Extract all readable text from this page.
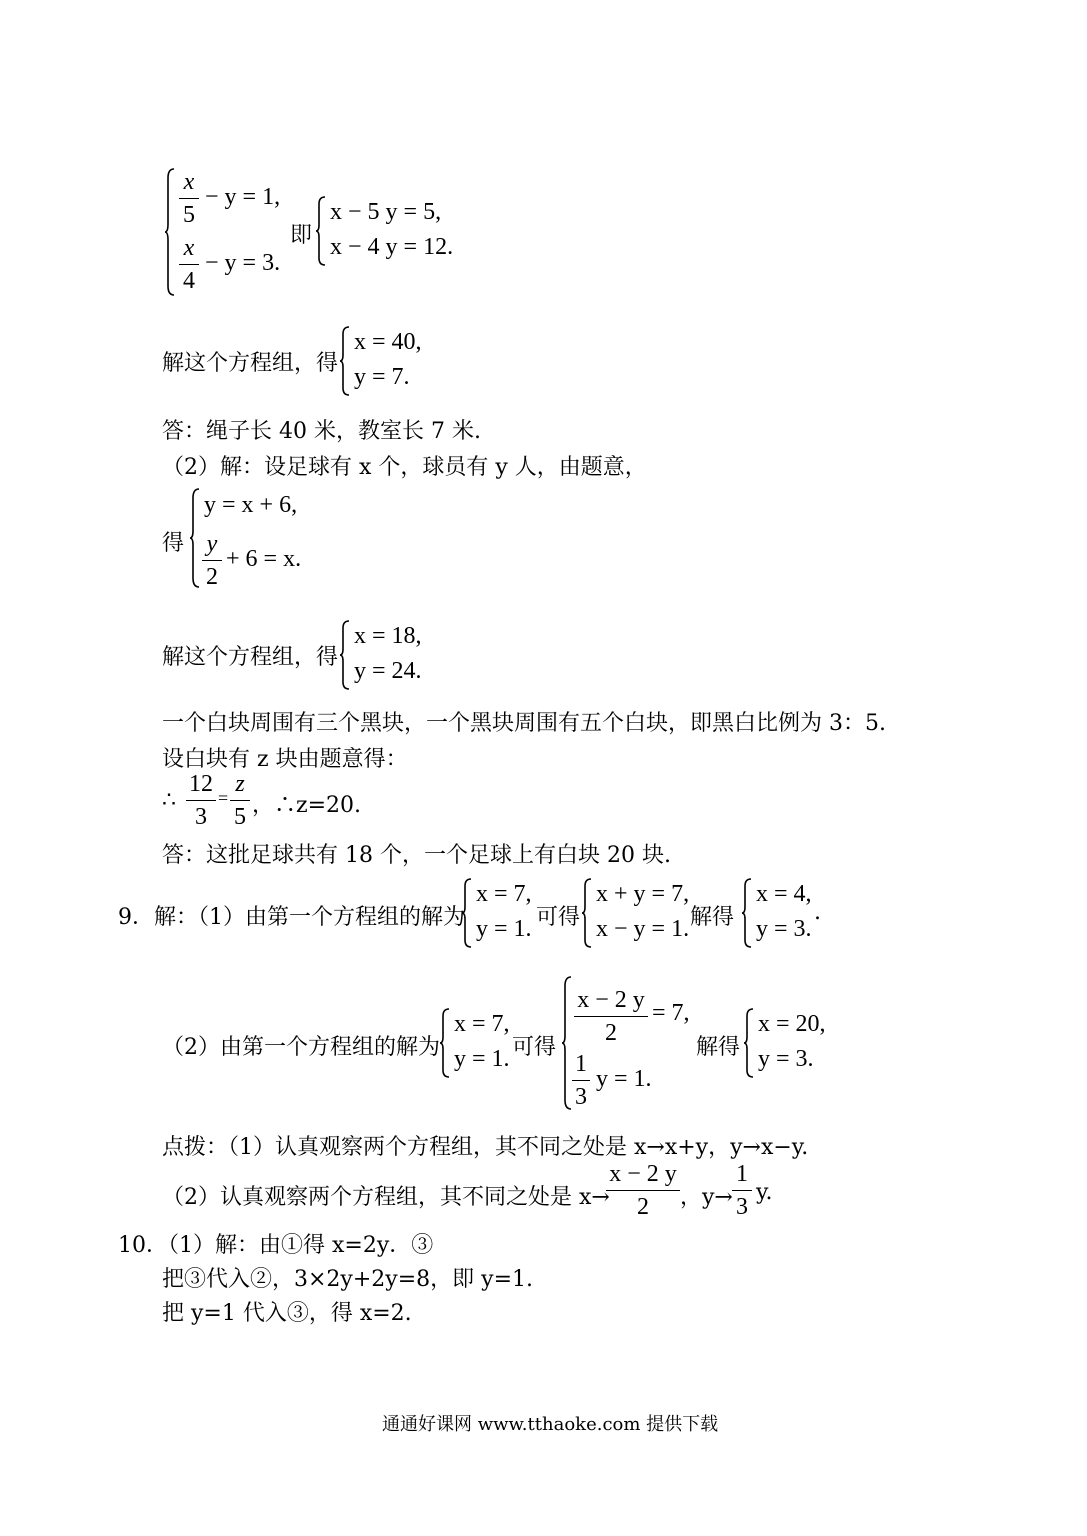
x
5
− y = 1,
x
4
− y = 3.
即
x − 5 y = 5,
x − 4 y = 12.
解这个方程组，得
x = 40,
y = 7.
答：绳子长 40 米，教室长 7 米.
（2）解：设足球有 x 个，球员有 y 人，由题意，
得
y = x + 6,
y
2
+ 6 = x.
解这个方程组，得
x = 18,
y = 24.
一个白块周围有三个黑块，一个黑块周围有五个白块，即黑白比例为 3：5.
设白块有 z 块由题意得：
∴
12
3
=
z
5 ，∴z=20.
答：这批足球共有 18 个，一个足球上有白块 20 块.
9．解：（1）由第一个方程组的解为
x = 7,
y = 1. 可得
x + y = 7,
x − y = 1. 解得
x = 4,
y = 3.
.
（2）由第一个方程组的解为
x = 7,
y = 1. 可得
x − 2 y
2
= 7,
1
3
y = 1.
解得
x = 20,
y = 3.
点拨：（1）认真观察两个方程组，其不同之处是 x→x+y，y→x−y.
（2）认真观察两个方程组，其不同之处是 x→
x − 2 y
2	，y→
1
3
y.
10．（1）解：由①得 x=2y．③
把③代入②，3×2y+2y=8，即 y=1.
把 y=1 代入③，得 x=2.
通通好课网 www.tthaoke.com 提供下载
